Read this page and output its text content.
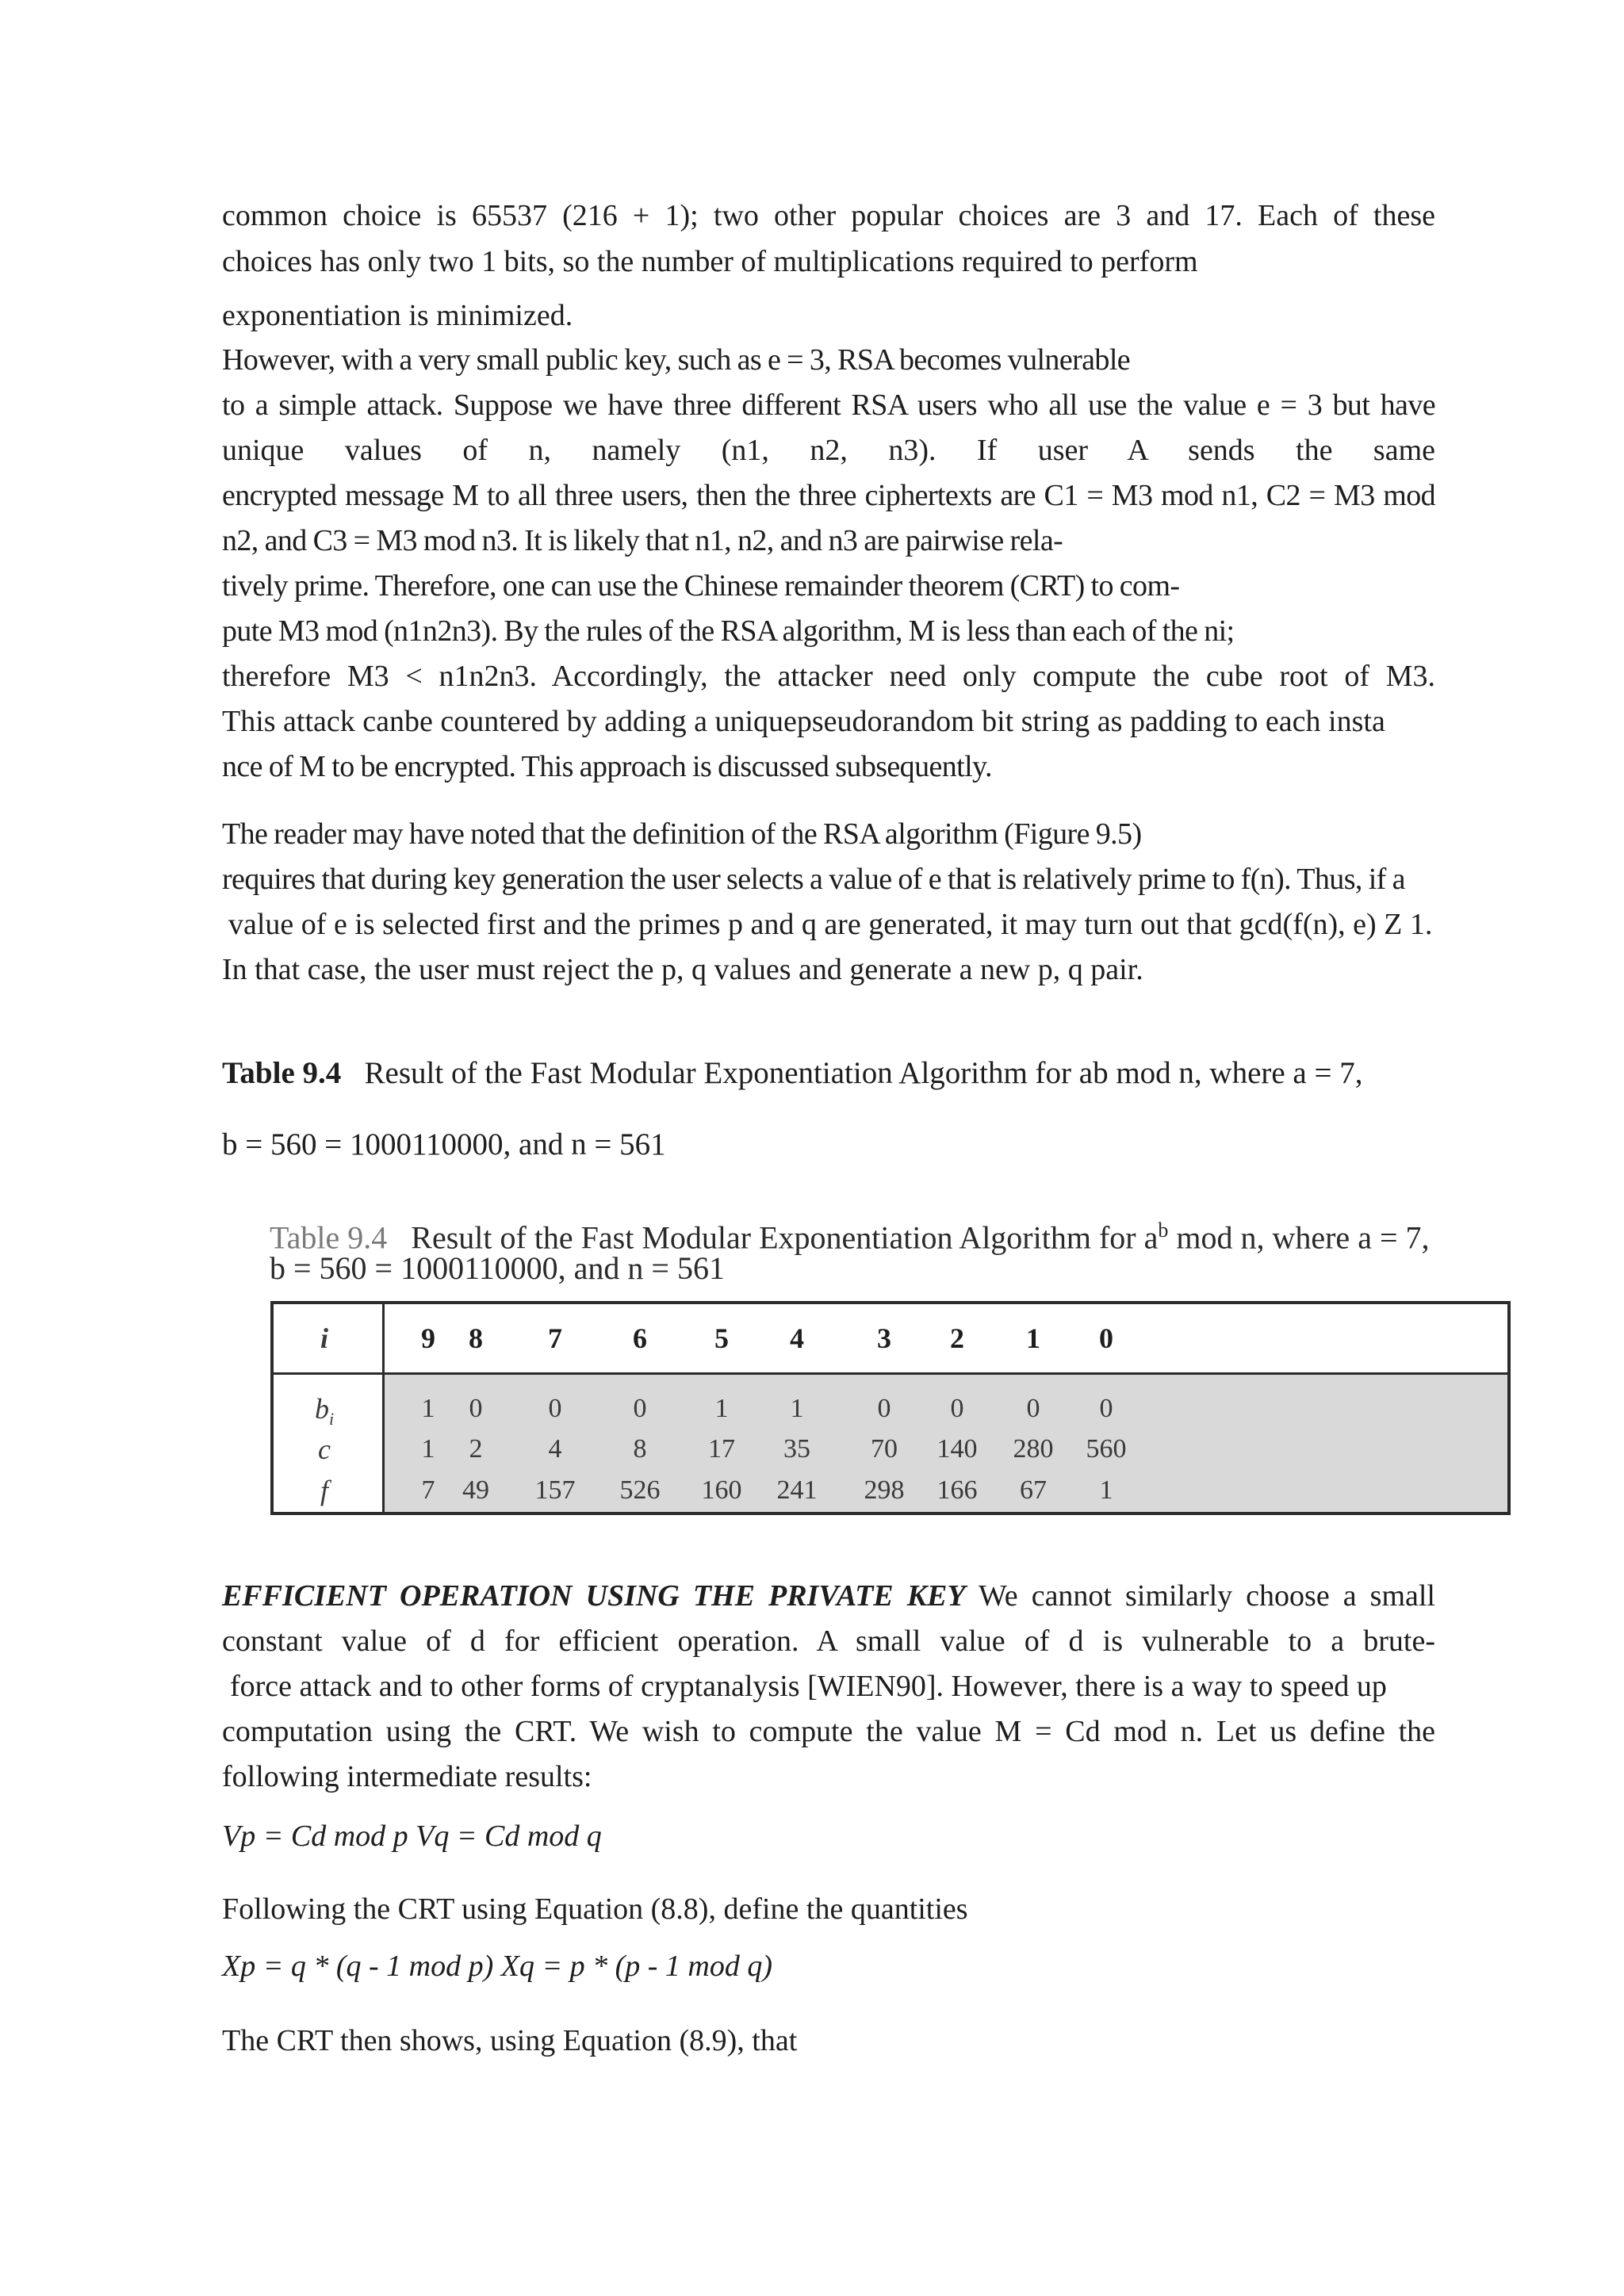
common choice is 65537 (216 + 1); two other popular choices are 3 and 17. Each of these
choices has only two 1 bits, so the number of multiplications required to perform
exponentiation is minimized.
However, with a very small public key, such as e = 3, RSA becomes vulnerable
to a simple attack. Suppose we have three different RSA users who all use the value e = 3 but have
unique values of n, namely (n1, n2, n3). If user A sends the same
encrypted message M to all three users, then the three ciphertexts are C1 = M3 mod n1, C2 = M3 mod
n2, and C3 = M3 mod n3. It is likely that n1, n2, and n3 are pairwise rela-
tively prime. Therefore, one can use the Chinese remainder theorem (CRT) to com-
pute M3 mod (n1n2n3). By the rules of the RSA algorithm, M is less than each of the ni;
therefore M3 < n1n2n3. Accordingly, the attacker need only compute the cube root of M3.
This attack canbe countered by adding a uniquepseudorandom bit string as padding to each insta
nce of M to be encrypted. This approach is discussed subsequently.
The reader may have noted that the definition of the RSA algorithm (Figure 9.5)
requires that during key generation the user selects a value of e that is relatively prime to f(n). Thus, if a
value of e is selected first and the primes p and q are generated, it may turn out that gcd(f(n), e) Z 1.
In that case, the user must reject the p, q values and generate a new p, q pair.
Table 9.4 Result of the Fast Modular Exponentiation Algorithm for ab mod n, where a = 7,
b = 560 = 1000110000, and n = 561
Table 9.4 Result of the Fast Modular Exponentiation Algorithm for $a^b$ mod n, where a = 7,
b = 560 = 1000110000, and n = 561
i	9	8	7	6	5	4	3	2	1	0
$b_i$	1	0	0	0	1	1	0	0	0	0
c	1	2	4	8	17	35	70	140	280	560
f	7	49	157	526	160	241	298	166	67	1
EFFICIENT OPERATION USING THE PRIVATE KEY We cannot similarly choose a small
constant value of d for efficient operation. A small value of d is vulnerable to a brute-
force attack and to other forms of cryptanalysis [WIEN90]. However, there is a way to speed up
computation using the CRT. We wish to compute the value M = Cd mod n. Let us define the
following intermediate results:
Vp = Cd mod p Vq = Cd mod q
Following the CRT using Equation (8.8), define the quantities
Xp = q * (q - 1 mod p) Xq = p * (p - 1 mod q)
The CRT then shows, using Equation (8.9), that
